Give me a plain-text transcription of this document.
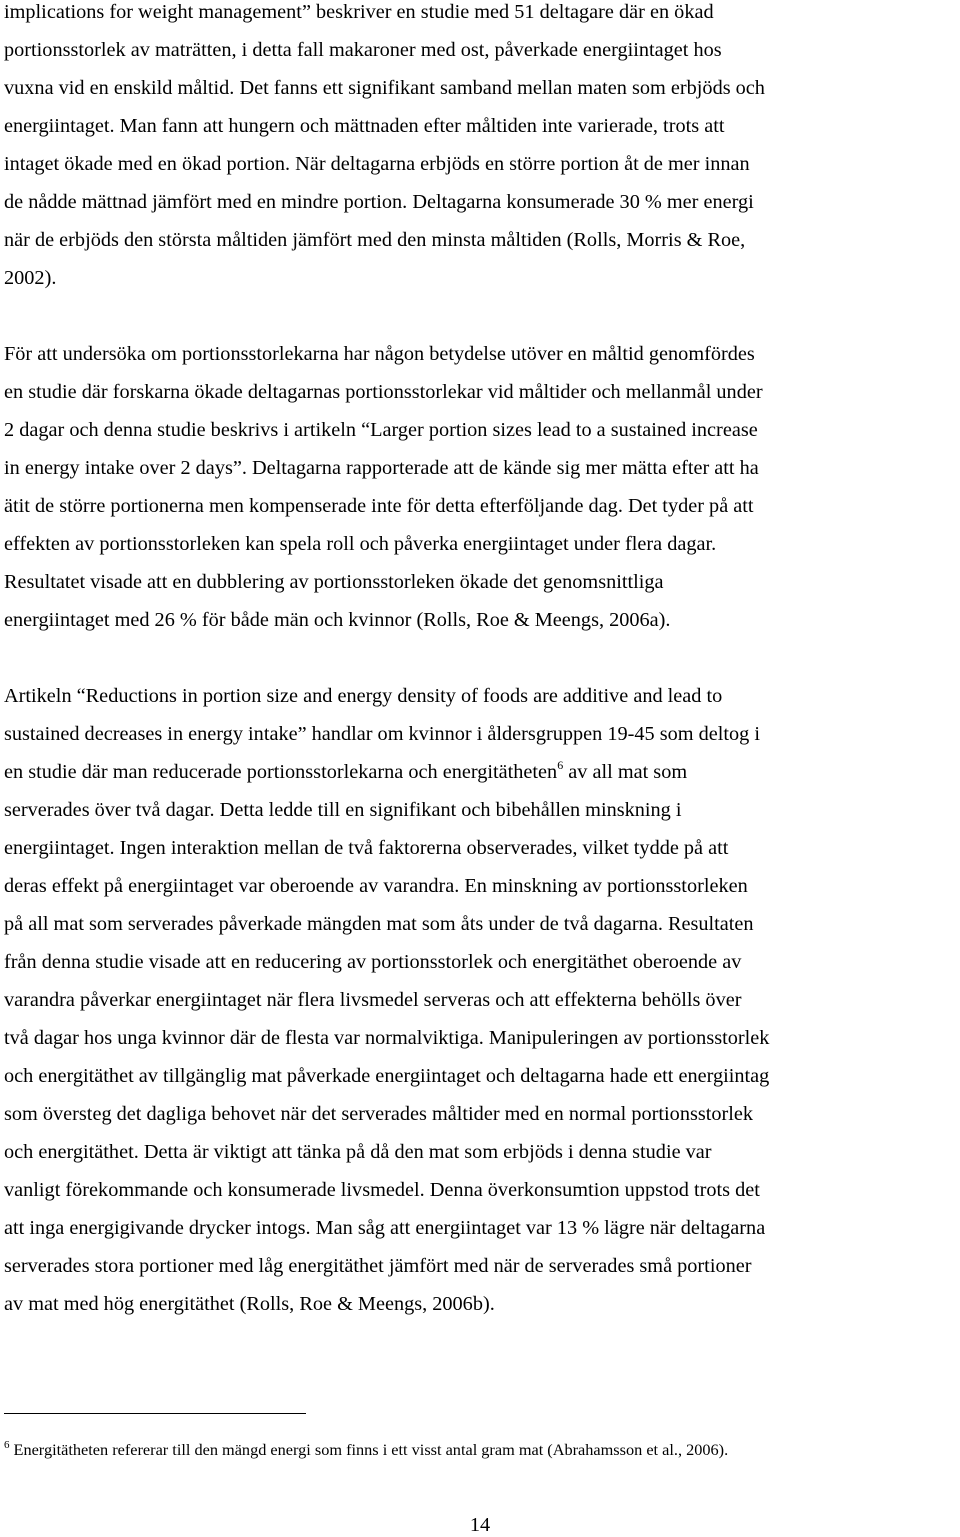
implications for weight management” beskriver en studie med 51 deltagare där en ökad
portionsstorlek av maträtten, i detta fall makaroner med ost, påverkade energiintaget hos
vuxna vid en enskild måltid. Det fanns ett signifikant samband mellan maten som erbjöds och
energiintaget. Man fann att hungern och mättnaden efter måltiden inte varierade, trots att
intaget ökade med en ökad portion. När deltagarna erbjöds en större portion åt de mer innan
de nådde mättnad jämfört med en mindre portion. Deltagarna konsumerade 30 % mer energi
när de erbjöds den största måltiden jämfört med den minsta måltiden (Rolls, Morris & Roe,
2002).
För att undersöka om portionsstorlekarna har någon betydelse utöver en måltid genomfördes
en studie där forskarna ökade deltagarnas portionsstorlekar vid måltider och mellanmål under
2 dagar och denna studie beskrivs i artikeln “Larger portion sizes lead to a sustained increase
in energy intake over 2 days”. Deltagarna rapporterade att de kände sig mer mätta efter att ha
ätit de större portionerna men kompenserade inte för detta efterföljande dag. Det tyder på att
effekten av portionsstorleken kan spela roll och påverka energiintaget under flera dagar.
Resultatet visade att en dubblering av portionsstorleken ökade det genomsnittliga
energiintaget med 26 % för både män och kvinnor (Rolls, Roe & Meengs, 2006a).
Artikeln “Reductions in portion size and energy density of foods are additive and lead to
sustained decreases in energy intake” handlar om kvinnor i åldersgruppen 19-45 som deltog i
en studie där man reducerade portionsstorlekarna och energitätheten$^6$ av all mat som
serverades över två dagar. Detta ledde till en signifikant och bibehållen minskning i
energiintaget. Ingen interaktion mellan de två faktorerna observerades, vilket tydde på att
deras effekt på energiintaget var oberoende av varandra. En minskning av portionsstorleken
på all mat som serverades påverkade mängden mat som åts under de två dagarna. Resultaten
från denna studie visade att en reducering av portionsstorlek och energitäthet oberoende av
varandra påverkar energiintaget när flera livsmedel serveras och att effekterna behölls över
två dagar hos unga kvinnor där de flesta var normalviktiga. Manipuleringen av portionsstorlek
och energitäthet av tillgänglig mat påverkade energiintaget och deltagarna hade ett energiintag
som översteg det dagliga behovet när det serverades måltider med en normal portionsstorlek
och energitäthet. Detta är viktigt att tänka på då den mat som erbjöds i denna studie var
vanligt förekommande och konsumerade livsmedel. Denna överkonsumtion uppstod trots det
att inga energigivande drycker intogs. Man såg att energiintaget var 13 % lägre när deltagarna
serverades stora portioner med låg energitäthet jämfört med när de serverades små portioner
av mat med hög energitäthet (Rolls, Roe & Meengs, 2006b).
$^6$ Energitätheten refererar till den mängd energi som finns i ett visst antal gram mat (Abrahamsson et al., 2006).
14
